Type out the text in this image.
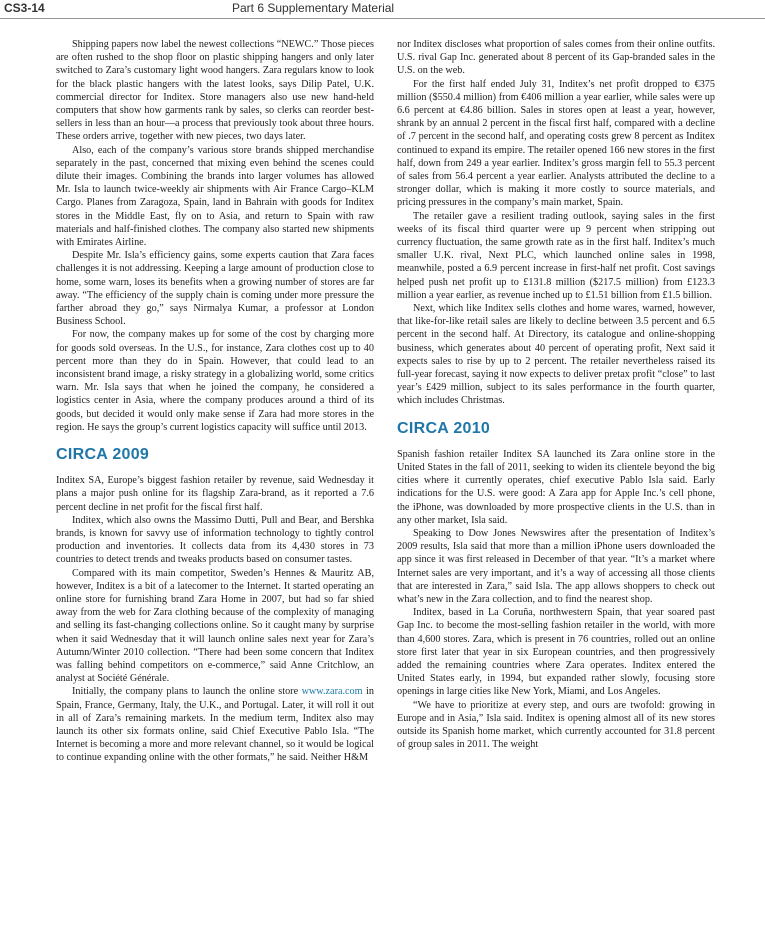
CS3-14	Part 6 Supplementary Material

Shipping papers now label the newest collections “NEWC.” Those pieces are often rushed to the shop floor on plastic shipping hangers and only later switched to Zara’s customary light wood hangers. Zara regulars know to look for the black plastic hangers with the latest looks, says Dilip Patel, U.K. commercial director for Inditex. Store managers also use new hand-held computers that show how garments rank by sales, so clerks can reorder best-sellers in less than an hour—a process that previously took about three hours. These orders arrive, together with new pieces, two days later.

Also, each of the company’s various store brands shipped merchandise separately in the past, concerned that mixing even behind the scenes could dilute their images. Combining the brands into larger volumes has allowed Mr. Isla to launch twice-weekly air shipments with Air France Cargo–KLM Cargo. Planes from Zaragoza, Spain, land in Bahrain with goods for Inditex stores in the Middle East, fly on to Asia, and return to Spain with raw materials and half-finished clothes. The company also started new shipments with Emirates Airline.

Despite Mr. Isla’s efficiency gains, some experts caution that Zara faces challenges it is not addressing. Keeping a large amount of production close to home, some warn, loses its benefits when a growing number of stores are far away. “The efficiency of the supply chain is coming under more pressure the farther abroad they go,” says Nirmalya Kumar, a professor at London Business School.

For now, the company makes up for some of the cost by charging more for goods sold overseas. In the U.S., for instance, Zara clothes cost up to 40 percent more than they do in Spain. However, that could lead to an inconsistent brand image, a risky strategy in a globalizing world, some critics warn. Mr. Isla says that when he joined the company, he considered a logistics center in Asia, where the company produces around a third of its goods, but decided it would only make sense if Zara had more stores in the region. He says the group’s current logistics capacity will suffice until 2013.

CIRCA 2009

Inditex SA, Europe’s biggest fashion retailer by revenue, said Wednesday it plans a major push online for its flagship Zara-brand, as it reported a 7.6 percent decline in net profit for the fiscal first half.

Inditex, which also owns the Massimo Dutti, Pull and Bear, and Bershka brands, is known for savvy use of information technology to tightly control production and inventories. It collects data from its 4,430 stores in 73 countries to detect trends and tweaks products based on consumer tastes.

Compared with its main competitor, Sweden’s Hennes & Mauritz AB, however, Inditex is a bit of a latecomer to the Internet. It started operating an online store for furnishing brand Zara Home in 2007, but had so far shied away from the web for Zara clothing because of the complexity of managing and selling its fast-changing collections online. So it caught many by surprise when it said Wednesday that it will launch online sales next year for Zara’s Autumn/Winter 2010 collection. “There had been some concern that Inditex was falling behind competitors on e-commerce,” said Anne Critchlow, an analyst at Société Générale.

Initially, the company plans to launch the online store www.zara.com in Spain, France, Germany, Italy, the U.K., and Portugal. Later, it will roll it out in all of Zara’s remaining markets. In the medium term, Inditex also may launch its other six formats online, said Chief Executive Pablo Isla. “The Internet is becoming a more and more relevant channel, so it would be logical to continue expanding online with the other formats,” he said. Neither H&M

nor Inditex discloses what proportion of sales comes from their online outfits. U.S. rival Gap Inc. generated about 8 percent of its Gap-branded sales in the U.S. on the web.

For the first half ended July 31, Inditex’s net profit dropped to €375 million ($550.4 million) from €406 million a year earlier, while sales were up 6.6 percent at €4.86 billion. Sales in stores open at least a year, however, shrank by an annual 2 percent in the fiscal first half, compared with a decline of .7 percent in the second half, and operating costs grew 8 percent as Inditex continued to expand its empire. The retailer opened 166 new stores in the first half, down from 249 a year earlier. Inditex’s gross margin fell to 55.3 percent of sales from 56.4 percent a year earlier. Analysts attributed the decline to a stronger dollar, which is making it more costly to source materials, and pricing pressures in the company’s main market, Spain.

The retailer gave a resilient trading outlook, saying sales in the first weeks of its fiscal third quarter were up 9 percent when stripping out currency fluctuation, the same growth rate as in the first half. Inditex’s much smaller U.K. rival, Next PLC, which launched online sales in 1998, meanwhile, posted a 6.9 percent increase in first-half net profit. Cost savings helped push net profit up to £131.8 million ($217.5 million) from £123.3 million a year earlier, as revenue inched up to £1.51 billion from £1.5 billion.

Next, which like Inditex sells clothes and home wares, warned, however, that like-for-like retail sales are likely to decline between 3.5 percent and 6.5 percent in the second half. At Directory, its catalogue and online-shopping business, which generates about 40 percent of operating profit, Next said it expects sales to rise by up to 2 percent. The retailer nevertheless raised its full-year forecast, saying it now expects to deliver pretax profit “close” to last year’s £429 million, subject to its sales performance in the fourth quarter, which includes Christmas.

CIRCA 2010

Spanish fashion retailer Inditex SA launched its Zara online store in the United States in the fall of 2011, seeking to widen its clientele beyond the big cities where it currently operates, chief executive Pablo Isla said. Early indications for the U.S. were good: A Zara app for Apple Inc.’s cell phone, the iPhone, was downloaded by more prospective clients in the U.S. than in any other market, Isla said.

Speaking to Dow Jones Newswires after the presentation of Inditex’s 2009 results, Isla said that more than a million iPhone users downloaded the app since it was first released in December of that year. “It’s a market where Internet sales are very important, and it’s a way of accessing all those clients that are interested in Zara,” said Isla. The app allows shoppers to check out what’s new in the Zara collection, and to find the nearest shop.

Inditex, based in La Coruña, northwestern Spain, that year soared past Gap Inc. to become the most-selling fashion retailer in the world, with more than 4,600 stores. Zara, which is present in 76 countries, rolled out an online store first later that year in six European countries, and then progressively added the remaining countries where Zara operates. Inditex entered the United States early, in 1994, but expanded rather slowly, focusing store openings in large cities like New York, Miami, and Los Angeles.

“We have to prioritize at every step, and ours are twofold: growing in Europe and in Asia,” Isla said. Inditex is opening almost all of its new stores outside its Spanish home market, which currently accounted for 31.8 percent of group sales in 2011. The weight
